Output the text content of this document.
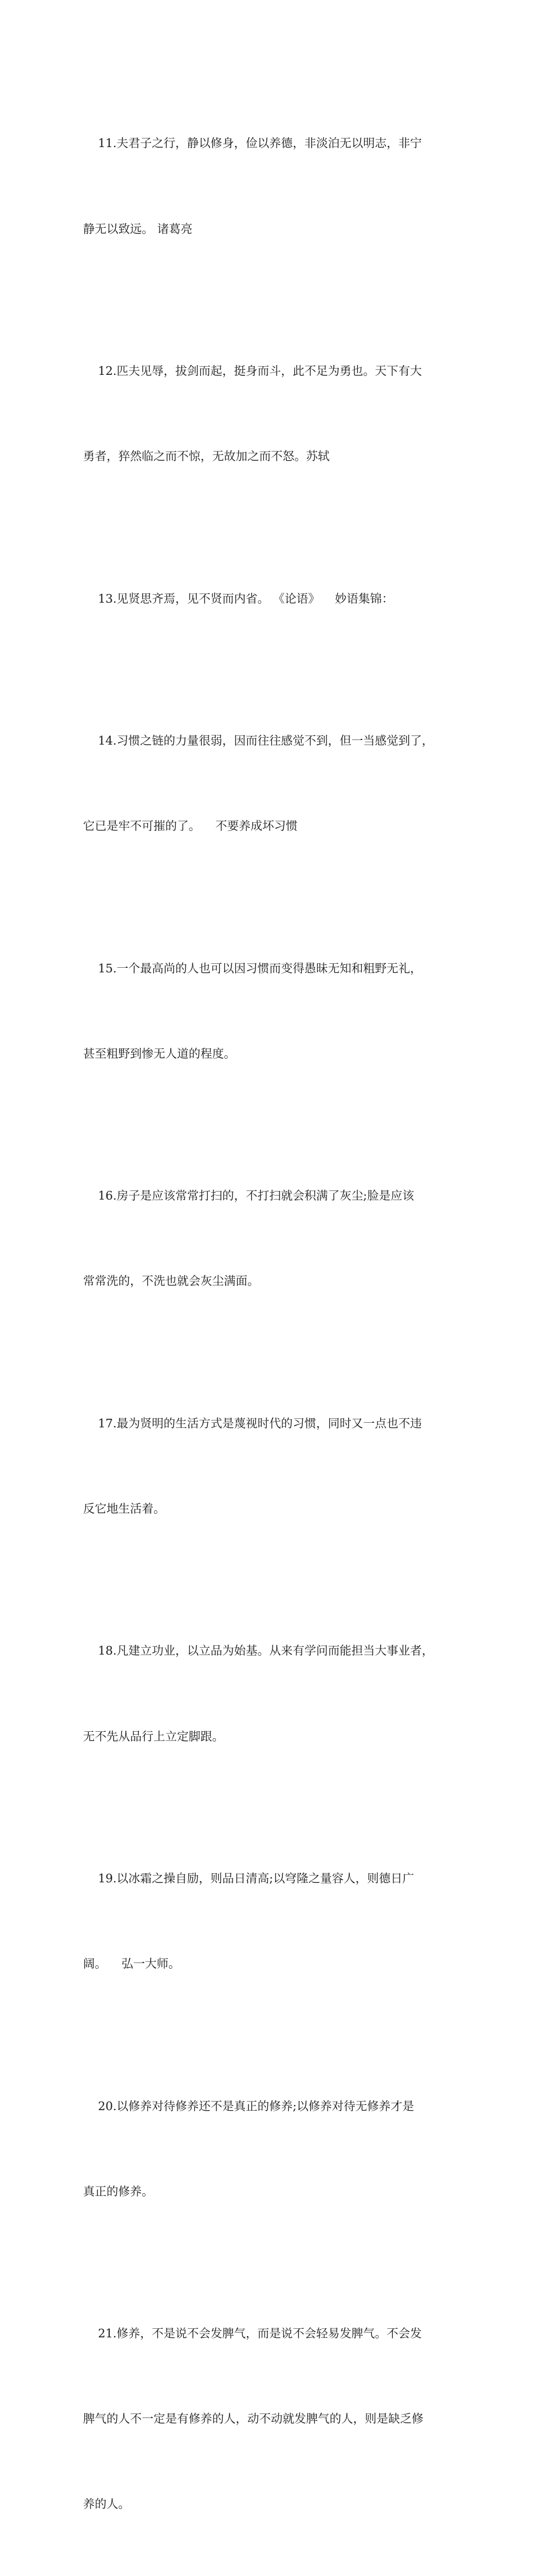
11.夫君子之行，静以修身，俭以养德，非淡泊无以明志，非宁

静无以致远。 诸葛亮

12.匹夫见辱，拔剑而起，挺身而斗，此不足为勇也。天下有大

勇者，猝然临之而不惊，无故加之而不怒。苏轼

13.见贤思齐焉，见不贤而内省。 《论语》    妙语集锦：

14.习惯之链的力量很弱，因而往往感觉不到，但一当感觉到了，

它已是牢不可摧的了。    不要养成坏习惯

15.一个最高尚的人也可以因习惯而变得愚昧无知和粗野无礼，

甚至粗野到惨无人道的程度。

16.房子是应该常常打扫的，不打扫就会积满了灰尘;脸是应该

常常洗的，不洗也就会灰尘满面。

17.最为贤明的生活方式是蔑视时代的习惯，同时又一点也不违

反它地生活着。

18.凡建立功业，以立品为始基。从来有学问而能担当大事业者，

无不先从品行上立定脚跟。

19.以冰霜之操自励，则品日清高;以穹隆之量容人，则德日广

阔。    弘一大师。

20.以修养对待修养还不是真正的修养;以修养对待无修养才是

真正的修养。

21.修养，不是说不会发脾气，而是说不会轻易发脾气。不会发

脾气的人不一定是有修养的人，动不动就发脾气的人，则是缺乏修

养的人。
